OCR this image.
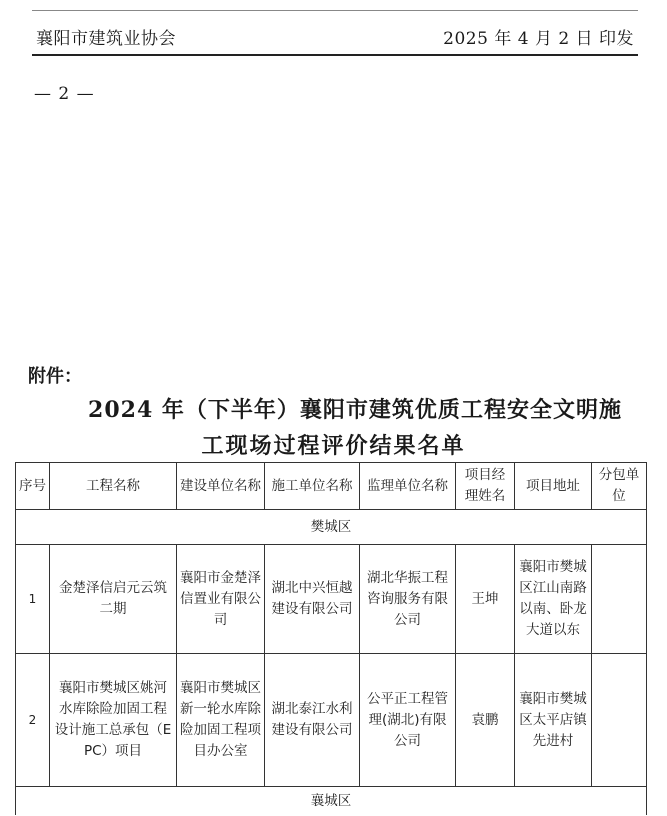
襄阳市建筑业协会	2025 年 4 月 2 日 印发
— 2 —
附件：
2024 年（下半年）襄阳市建筑优质工程安全文明施
工现场过程评价结果名单
序号	工程名称	建设单位名称	施工单位名称	监理单位名称	项目经理姓名	项目地址	分包单位
樊城区							
1	金楚泽信启元云筑二期	襄阳市金楚泽信置业有限公司	湖北中兴恒越建设有限公司	湖北华振工程咨询服务有限公司	王坤	襄阳市樊城区江山南路以南、卧龙大道以东	
2	襄阳市樊城区姚河水库除险加固工程设计施工总承包（EPC）项目	襄阳市樊城区新一轮水库除险加固工程项目办公室	湖北泰江水利建设有限公司	公平正工程管理(湖北)有限公司	袁鹏	襄阳市樊城区太平店镇先进村	
襄城区							
